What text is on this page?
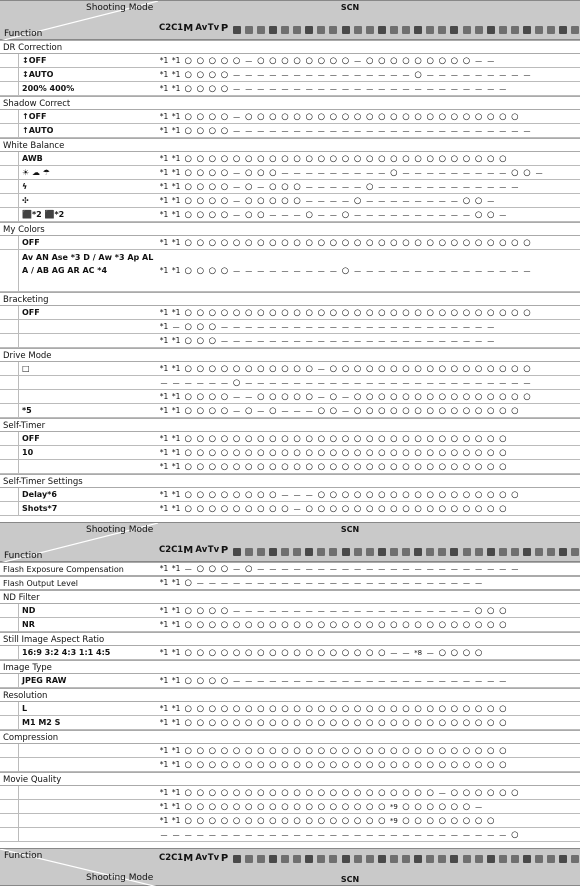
Function
Shooting Mode
C2 C1 M Av Tv P
SCN
DR Correction
↕OFF	*1 *1 ○ ○ ○ ○ ○ — ○ ○ ○ ○ ○ ○ ○ ○ — ○ ○ ○ ○ ○ ○ ○ ○ ○ — —
↕AUTO	*1 *1 ○ ○ ○ ○ — — — — — — — — — — — — — — — ○ — — — — — — — — —
200% 400%	*1 *1 ○ ○ ○ ○ — — — — — — — — — — — — — — — — — — — — — — —
Shadow Correct
↑OFF	*1 *1 ○ ○ ○ ○ — ○ ○ ○ ○ ○ ○ ○ ○ ○ ○ ○ ○ ○ ○ ○ ○ ○ ○ ○ ○ ○ ○ ○
↑AUTO	*1 *1 ○ ○ ○ ○ — — — — — — — — — — — — — — — — — — — — — — — — —
White Balance
AWB	*1 *1 ○ ○ ○ ○ ○ ○ ○ ○ ○ ○ ○ ○ ○ ○ ○ ○ ○ ○ ○ ○ ○ ○ ○ ○ ○ ○ ○
☀ ☁ ☂	*1 *1 ○ ○ ○ ○ — ○ ○ ○ — — — — — — — — — ○ — — — — — — — — — ○ ○ —
ϟ	*1 *1 ○ ○ ○ ○ — ○ — ○ ○ ○ — — — — — ○ — — — — — — — — — — — —
✣	*1 *1 ○ ○ ○ ○ — ○ ○ ○ ○ ○ — — — — ○ — — — — — — — — ○ ○ —
⬛*2 ⬛*2	*1 *1 ○ ○ ○ ○ — ○ ○ — — — ○ — — ○ — — — — — — — — — — ○ ○ —
My Colors
OFF	*1 *1 ○ ○ ○ ○ ○ ○ ○ ○ ○ ○ ○ ○ ○ ○ ○ ○ ○ ○ ○ ○ ○ ○ ○ ○ ○ ○ ○ ○ ○
Av AN Ase *3 D / Aw *3 Ap AL A / AB AG AR AC *4	*1 *1 ○ ○ ○ ○ — — — — — — — — — ○ — — — — — — — — — — — — — — —
Bracketing
OFF	*1 *1 ○ ○ ○ ○ ○ ○ ○ ○ ○ ○ ○ ○ ○ ○ ○ ○ ○ ○ ○ ○ ○ ○ ○ ○ ○ ○ ○ ○ ○
*1 — ○ ○ ○ — — — — — — — — — — — — — — — — — — — — — — —
*1 *1 ○ ○ ○ — — — — — — — — — — — — — — — — — — — — — — —
Drive Mode
□	*1 *1 ○ ○ ○ ○ ○ ○ ○ ○ ○ ○ ○ — ○ ○ ○ ○ ○ ○ ○ ○ ○ ○ ○ ○ ○ ○ ○ ○ ○
— — — — — — ○ — — — — — — — — — — — — — — — — — — — — — — — —
*1 *1 ○ ○ ○ ○ — — ○ ○ ○ ○ ○ — ○ — ○ ○ ○ ○ ○ ○ ○ ○ ○ ○ ○ ○ ○ ○ ○
*5	*1 *1 ○ ○ ○ ○ — ○ — ○ — — — ○ ○ — ○ ○ ○ ○ ○ ○ ○ ○ ○ ○ ○ ○ ○ ○
Self-Timer
OFF	*1 *1 ○ ○ ○ ○ ○ ○ ○ ○ ○ ○ ○ ○ ○ ○ ○ ○ ○ ○ ○ ○ ○ ○ ○ ○ ○ ○ ○
10	*1 *1 ○ ○ ○ ○ ○ ○ ○ ○ ○ ○ ○ ○ ○ ○ ○ ○ ○ ○ ○ ○ ○ ○ ○ ○ ○ ○ ○
*1 *1 ○ ○ ○ ○ ○ ○ ○ ○ ○ ○ ○ ○ ○ ○ ○ ○ ○ ○ ○ ○ ○ ○ ○ ○ ○ ○ ○
Self-Timer Settings
Delay*6	*1 *1 ○ ○ ○ ○ ○ ○ ○ ○ — — — ○ ○ ○ ○ ○ ○ ○ ○ ○ ○ ○ ○ ○ ○ ○ ○ ○
Shots*7	*1 *1 ○ ○ ○ ○ ○ ○ ○ ○ ○ — ○ ○ ○ ○ ○ ○ ○ ○ ○ ○ ○ ○ ○ ○ ○ ○ ○
Function
Shooting Mode
C2 C1 M Av Tv P
SCN
Flash Exposure Compensation	*1 *1 — ○ ○ ○ — ○ — — — — — — — — — — — — — — — — — — — — — —
Flash Output Level	*1 *1 ○ — — — — — — — — — — — — — — — — — — — — — — — —
ND Filter
ND	*1 *1 ○ ○ ○ ○ — — — — — — — — — — — — — — — — — — — — ○ ○ ○
NR	*1 *1 ○ ○ ○ ○ ○ ○ ○ ○ ○ ○ ○ ○ ○ ○ ○ ○ ○ ○ ○ ○ ○ ○ ○ ○ ○ ○ ○
Still Image Aspect Ratio
16:9 3:2 4:3 1:1 4:5	*1 *1 ○ ○ ○ ○ ○ ○ ○ ○ ○ ○ ○ ○ ○ ○ ○ ○ ○ — — *8 — ○ ○ ○ ○
Image Type
JPEG RAW	*1 *1 ○ ○ ○ ○ — — — — — — — — — — — — — — — — — — — — — — —
Resolution
L	*1 *1 ○ ○ ○ ○ ○ ○ ○ ○ ○ ○ ○ ○ ○ ○ ○ ○ ○ ○ ○ ○ ○ ○ ○ ○ ○ ○ ○
M1 M2 S	*1 *1 ○ ○ ○ ○ ○ ○ ○ ○ ○ ○ ○ ○ ○ ○ ○ ○ ○ ○ ○ ○ ○ ○ ○ ○ ○ ○ ○
Compression
*1 *1 ○ ○ ○ ○ ○ ○ ○ ○ ○ ○ ○ ○ ○ ○ ○ ○ ○ ○ ○ ○ ○ ○ ○ ○ ○ ○ ○
*1 *1 ○ ○ ○ ○ ○ ○ ○ ○ ○ ○ ○ ○ ○ ○ ○ ○ ○ ○ ○ ○ ○ ○ ○ ○ ○ ○ ○
Movie Quality
*1 *1 ○ ○ ○ ○ ○ ○ ○ ○ ○ ○ ○ ○ ○ ○ ○ ○ ○ ○ ○ ○ ○ — ○ ○ ○ ○ ○ ○
*1 *1 ○ ○ ○ ○ ○ ○ ○ ○ ○ ○ ○ ○ ○ ○ ○ ○ ○ *9 ○ ○ ○ ○ ○ ○ —
*1 *1 ○ ○ ○ ○ ○ ○ ○ ○ ○ ○ ○ ○ ○ ○ ○ ○ ○ *9 ○ ○ ○ ○ ○ ○ ○ ○
— — — — — — — — — — — — — — — — — — — — — — — — — — — — — ○
Function
Shooting Mode
C2 C1 M Av Tv P
SCN
